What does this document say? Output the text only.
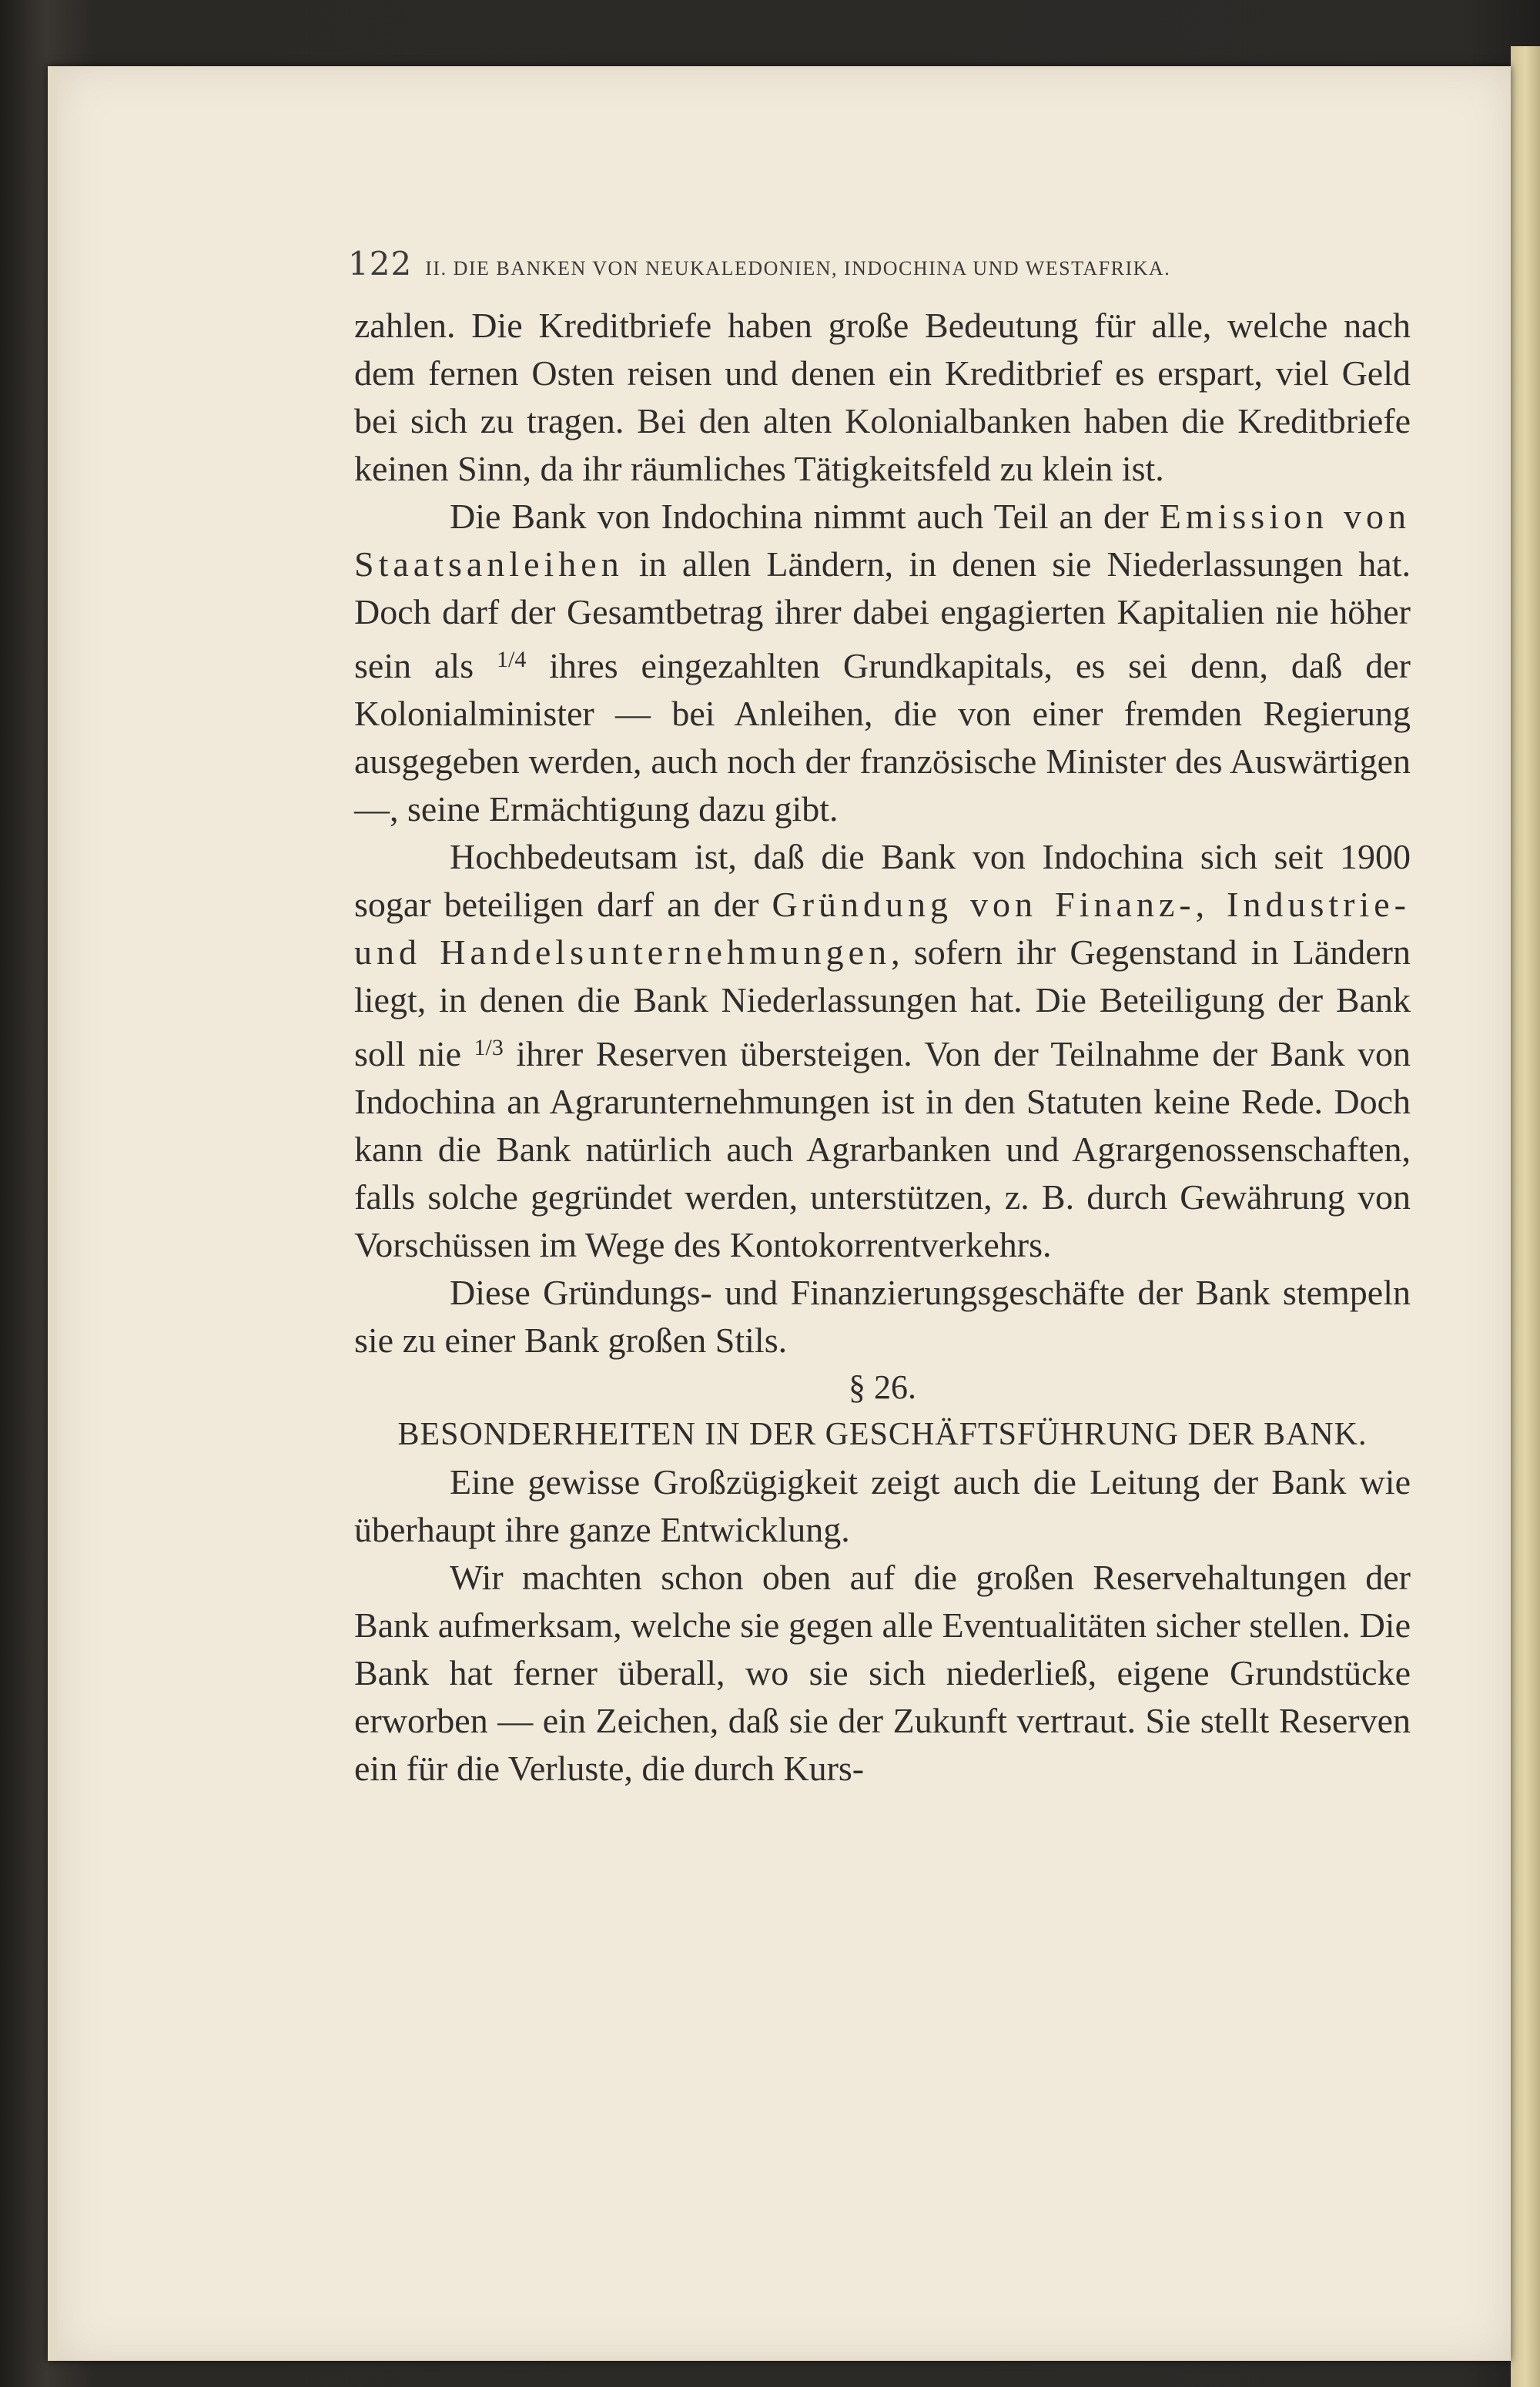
122 II. DIE BANKEN VON NEUKALEDONIEN, INDOCHINA UND WESTAFRIKA.

zahlen. Die Kreditbriefe haben große Bedeutung für alle, welche nach dem fernen Osten reisen und denen ein Kreditbrief es erspart, viel Geld bei sich zu tragen. Bei den alten Kolonialbanken haben die Kreditbriefe keinen Sinn, da ihr räumliches Tätigkeitsfeld zu klein ist.

Die Bank von Indochina nimmt auch Teil an der Emission von Staatsanleihen in allen Ländern, in denen sie Niederlassungen hat. Doch darf der Gesamtbetrag ihrer dabei engagierten Kapitalien nie höher sein als $^{1/4}$ ihres eingezahlten Grundkapitals, es sei denn, daß der Kolonialminister — bei Anleihen, die von einer fremden Regierung ausgegeben werden, auch noch der französische Minister des Auswärtigen —, seine Ermächtigung dazu gibt.

Hochbedeutsam ist, daß die Bank von Indochina sich seit 1900 sogar beteiligen darf an der Gründung von Finanz-, Industrie- und Handelsunternehmungen, sofern ihr Gegenstand in Ländern liegt, in denen die Bank Niederlassungen hat. Die Beteiligung der Bank soll nie $^{1/3}$ ihrer Reserven übersteigen. Von der Teilnahme der Bank von Indochina an Agrarunternehmungen ist in den Statuten keine Rede. Doch kann die Bank natürlich auch Agrarbanken und Agrargenossenschaften, falls solche gegründet werden, unterstützen, z. B. durch Gewährung von Vorschüssen im Wege des Kontokorrentverkehrs.

Diese Gründungs- und Finanzierungsgeschäfte der Bank stempeln sie zu einer Bank großen Stils.

§ 26.

BESONDERHEITEN IN DER GESCHÄFTSFÜHRUNG DER BANK.

Eine gewisse Großzügigkeit zeigt auch die Leitung der Bank wie überhaupt ihre ganze Entwicklung.

Wir machten schon oben auf die großen Reservehaltungen der Bank aufmerksam, welche sie gegen alle Eventualitäten sicher stellen. Die Bank hat ferner überall, wo sie sich niederließ, eigene Grundstücke erworben — ein Zeichen, daß sie der Zukunft vertraut. Sie stellt Reserven ein für die Verluste, die durch Kurs-
